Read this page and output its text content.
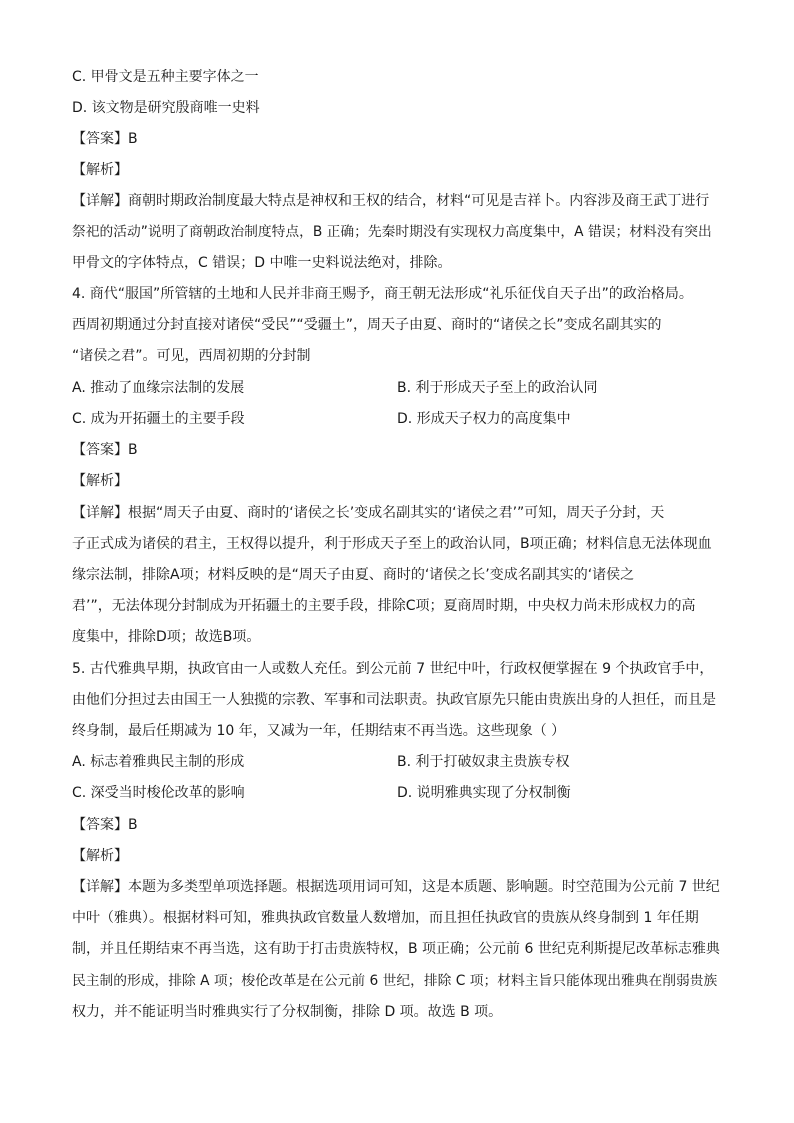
C. 甲骨文是五种主要字体之一
D. 该文物是研究殷商唯一史料
【答案】B
【解析】
【详解】商朝时期政治制度最大特点是神权和王权的结合，材料“可见是吉祥卜。内容涉及商王武丁进行
祭祀的活动”说明了商朝政治制度特点，B 正确；先秦时期没有实现权力高度集中，A 错误；材料没有突出
甲骨文的字体特点，C 错误；D 中唯一史料说法绝对，排除。
4. 商代“服国”所管辖的土地和人民并非商王赐予，商王朝无法形成“礼乐征伐自天子出”的政治格局。
西周初期通过分封直接对诸侯“受民”“受疆土”，周天子由夏、商时的“诸侯之长”变成名副其实的
“诸侯之君”。可见，西周初期的分封制
A. 推动了血缘宗法制的发展	B. 利于形成天子至上的政治认同
C. 成为开拓疆土的主要手段	D. 形成天子权力的高度集中
【答案】B
【解析】
【详解】根据“周天子由夏、商时的‘诸侯之长’变成名副其实的‘诸侯之君’”可知，周天子分封，天
子正式成为诸侯的君主，王权得以提升，利于形成天子至上的政治认同，B项正确；材料信息无法体现血
缘宗法制，排除A项；材料反映的是“周天子由夏、商时的‘诸侯之长’变成名副其实的‘诸侯之
君’”，无法体现分封制成为开拓疆土的主要手段，排除C项；夏商周时期，中央权力尚未形成权力的高
度集中，排除D项；故选B项。
5. 古代雅典早期，执政官由一人或数人充任。到公元前 7 世纪中叶，行政权便掌握在 9 个执政官手中，
由他们分担过去由国王一人独揽的宗教、军事和司法职责。执政官原先只能由贵族出身的人担任，而且是
终身制，最后任期减为 10 年，又减为一年，任期结束不再当选。这些现象（ ）
A. 标志着雅典民主制的形成	B. 利于打破奴隶主贵族专权
C. 深受当时梭伦改革的影响	D. 说明雅典实现了分权制衡
【答案】B
【解析】
【详解】本题为多类型单项选择题。根据选项用词可知，这是本质题、影响题。时空范围为公元前 7 世纪
中叶（雅典）。根据材料可知，雅典执政官数量人数增加，而且担任执政官的贵族从终身制到 1 年任期
制，并且任期结束不再当选，这有助于打击贵族特权，B 项正确；公元前 6 世纪克利斯提尼改革标志雅典
民主制的形成，排除 A 项；梭伦改革是在公元前 6 世纪，排除 C 项；材料主旨只能体现出雅典在削弱贵族
权力，并不能证明当时雅典实行了分权制衡，排除 D 项。故选 B 项。
